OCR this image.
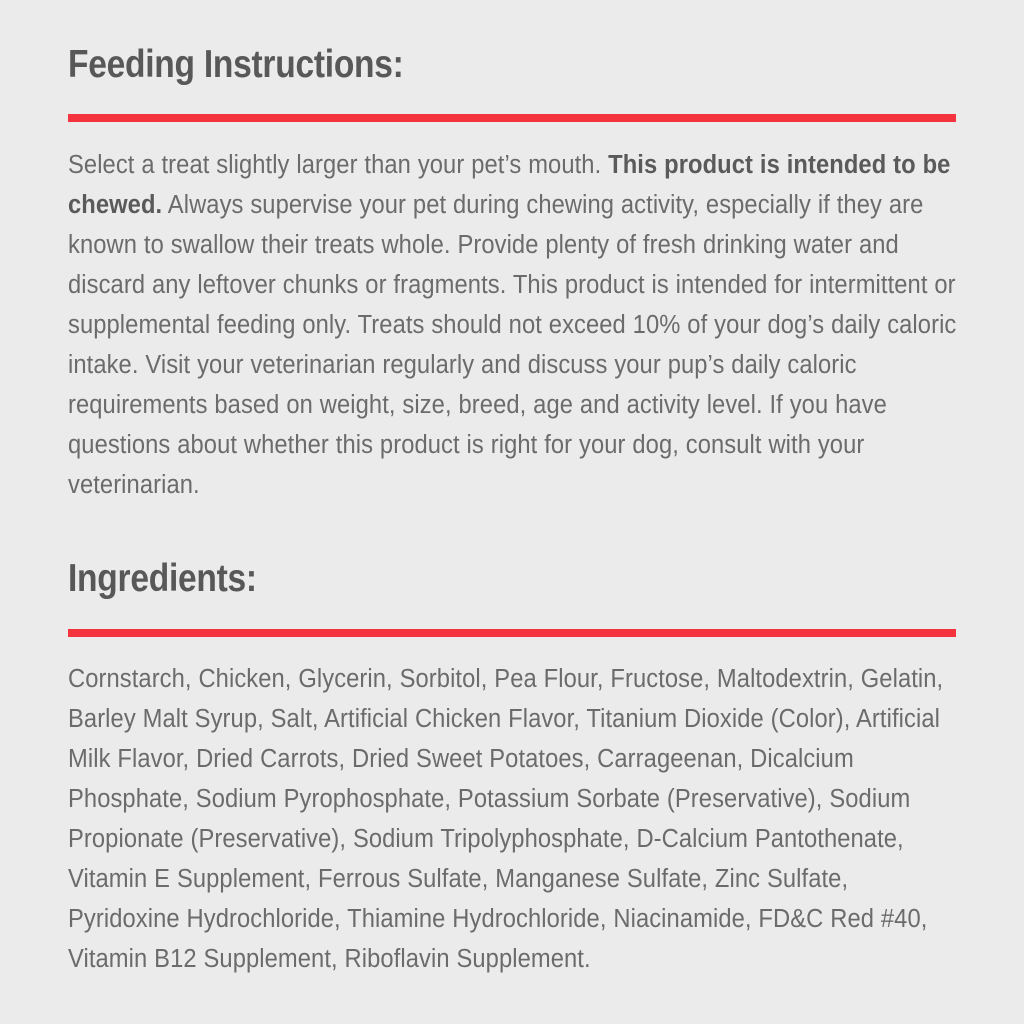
Feeding Instructions:

Select a treat slightly larger than your pet’s mouth. This product is intended to be chewed. Always supervise your pet during chewing activity, especially if they are known to swallow their treats whole. Provide plenty of fresh drinking water and discard any leftover chunks or fragments. This product is intended for intermittent or supplemental feeding only. Treats should not exceed 10% of your dog’s daily caloric intake. Visit your veterinarian regularly and discuss your pup’s daily caloric requirements based on weight, size, breed, age and activity level. If you have questions about whether this product is right for your dog, consult with your veterinarian.

Ingredients:

Cornstarch, Chicken, Glycerin, Sorbitol, Pea Flour, Fructose, Maltodextrin, Gelatin, Barley Malt Syrup, Salt, Artificial Chicken Flavor, Titanium Dioxide (Color), Artificial Milk Flavor, Dried Carrots, Dried Sweet Potatoes, Carrageenan, Dicalcium Phosphate, Sodium Pyrophosphate, Potassium Sorbate (Preservative), Sodium Propionate (Preservative), Sodium Tripolyphosphate, D-Calcium Pantothenate, Vitamin E Supplement, Ferrous Sulfate, Manganese Sulfate, Zinc Sulfate, Pyridoxine Hydrochloride, Thiamine Hydrochloride, Niacinamide, FD&C Red #40, Vitamin B12 Supplement, Riboflavin Supplement.
